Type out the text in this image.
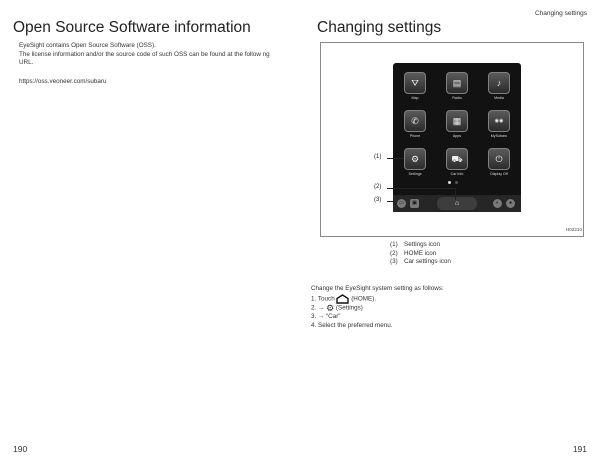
Changing settings
Open Source Software information
EyeSight contains Open Source Software (OSS).
The license information and/or the source code of such OSS can be found at the follow ng URL.
https://oss.veoneer.com/subaru
190
Changing settings
⛛
Map
▤
Radio
♪
Media
✆
Phone
▦
Apps
◉◉
MySubaru
⚙
Settings
⛟
Car Info
⏻
Display Off
▭	▣	⌂	◐	●
(1)
(2)
(3)
H02210
(1) Settings icon
(2) HOME icon
(3) Car settings icon
Change the EyeSight system setting as follows:
1. Touch	(HOME).
2. → ⚙ (Settings)
3. → “Car”
4. Select the preferred menu.
191
